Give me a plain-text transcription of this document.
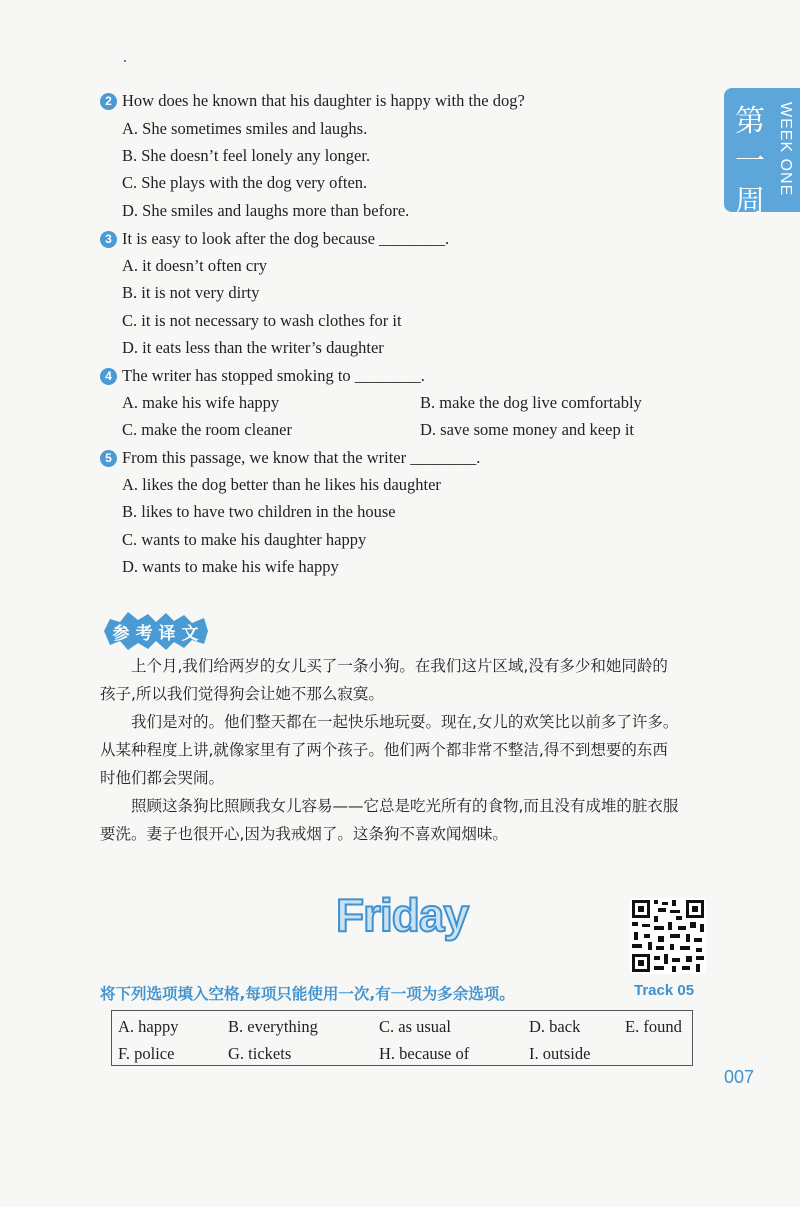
第一周
WEEK ONE
2 How does he known that his daughter is happy with the dog?
A. She sometimes smiles and laughs.
B. She doesn’t feel lonely any longer.
C. She plays with the dog very often.
D. She smiles and laughs more than before.
3 It is easy to look after the dog because ________.
A. it doesn’t often cry
B. it is not very dirty
C. it is not necessary to wash clothes for it
D. it eats less than the writer’s daughter
4 The writer has stopped smoking to ________.
A. make his wife happy	B. make the dog live comfortably
C. make the room cleaner	D. save some money and keep it
5 From this passage, we know that the writer ________.
A. likes the dog better than he likes his daughter
B. likes to have two children in the house
C. wants to make his daughter happy
D. wants to make his wife happy
参 考 译 文
上个月,我们给两岁的女儿买了一条小狗。在我们这片区域,没有多少和她同龄的孩子,所以我们觉得狗会让她不那么寂寞。
我们是对的。他们整天都在一起快乐地玩耍。现在,女儿的欢笑比以前多了许多。从某种程度上讲,就像家里有了两个孩子。他们两个都非常不整洁,得不到想要的东西时他们都会哭闹。
照顾这条狗比照顾我女儿容易——它总是吃光所有的食物,而且没有成堆的脏衣服要洗。妻子也很开心,因为我戒烟了。这条狗不喜欢闻烟味。
Friday
Track 05
将下列选项填入空格,每项只能使用一次,有一项为多余选项。
A. happy	B. everything	C. as usual	D. back	E. found
F. police	G. tickets	H. because of	I. outside
007
